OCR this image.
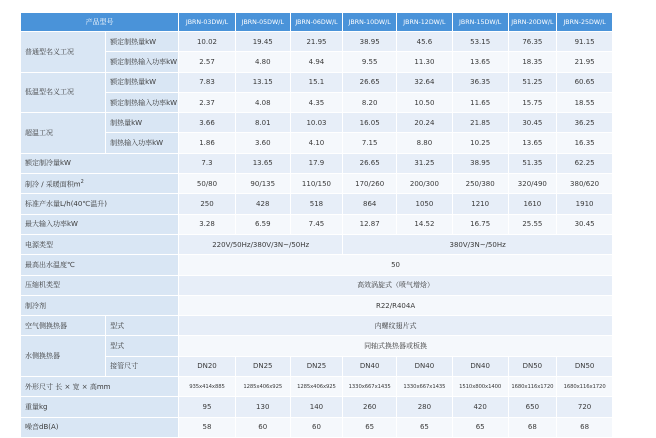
产品型号		JBRN-03DW/L	JBRN-05DW/L	JBRN-06DW/L	JBRN-10DW/L	JBRN-12DW/L	JBRN-15DW/L	JBRN-20DW/L	JBRN-25DW/L
普通型名义工况	额定制热量kW	10.02	19.45	21.95	38.95	45.6	53.15	76.35	91.15
	额定制热输入功率kW	2.57	4.80	4.94	9.55	11.30	13.65	18.35	21.95
低温型名义工况	额定制热量kW	7.83	13.15	15.1	26.65	32.64	36.35	51.25	60.65
	额定制热输入功率kW	2.37	4.08	4.35	8.20	10.50	11.65	15.75	18.55
超温工况	制热量kW	3.66	8.01	10.03	16.05	20.24	21.85	30.45	36.25
	制热输入功率kW	1.86	3.60	4.10	7.15	8.80	10.25	13.65	16.35
额定制冷量kW		7.3	13.65	17.9	26.65	31.25	38.95	51.35	62.25
制冷 / 采暖面积$m^2$		50/80	90/135	110/150	170/260	200/300	250/380	320/490	380/620
标准产水量L/h(40℃温升)		250	428	518	864	1050	1210	1610	1910
最大输入功率kW		3.28	6.59	7.45	12.87	14.52	16.75	25.55	30.45
电源类型		220V/50Hz/380V/3N~/50Hz			380V/3N~/50Hz				
最高出水温度℃		50							
压缩机类型		高效涡旋式（喷气增焓）							
制冷剂		R22/R404A							
空气侧换热器	型式	内螺纹翅片式							
水侧换热器	型式	同轴式换热器或板换							
	接管尺寸	DN20	DN25	DN25	DN40	DN40	DN40	DN50	DN50
外形尺寸 长 × 宽 × 高mm		935x414x885	1285x406x925	1285x406x925	1330x667x1435	1330x667x1435	1510x800x1400	1680x116x1720	1680x116x1720
重量kg		95	130	140	260	280	420	650	720
噪音dB(A)		58	60	60	65	65	65	68	68
